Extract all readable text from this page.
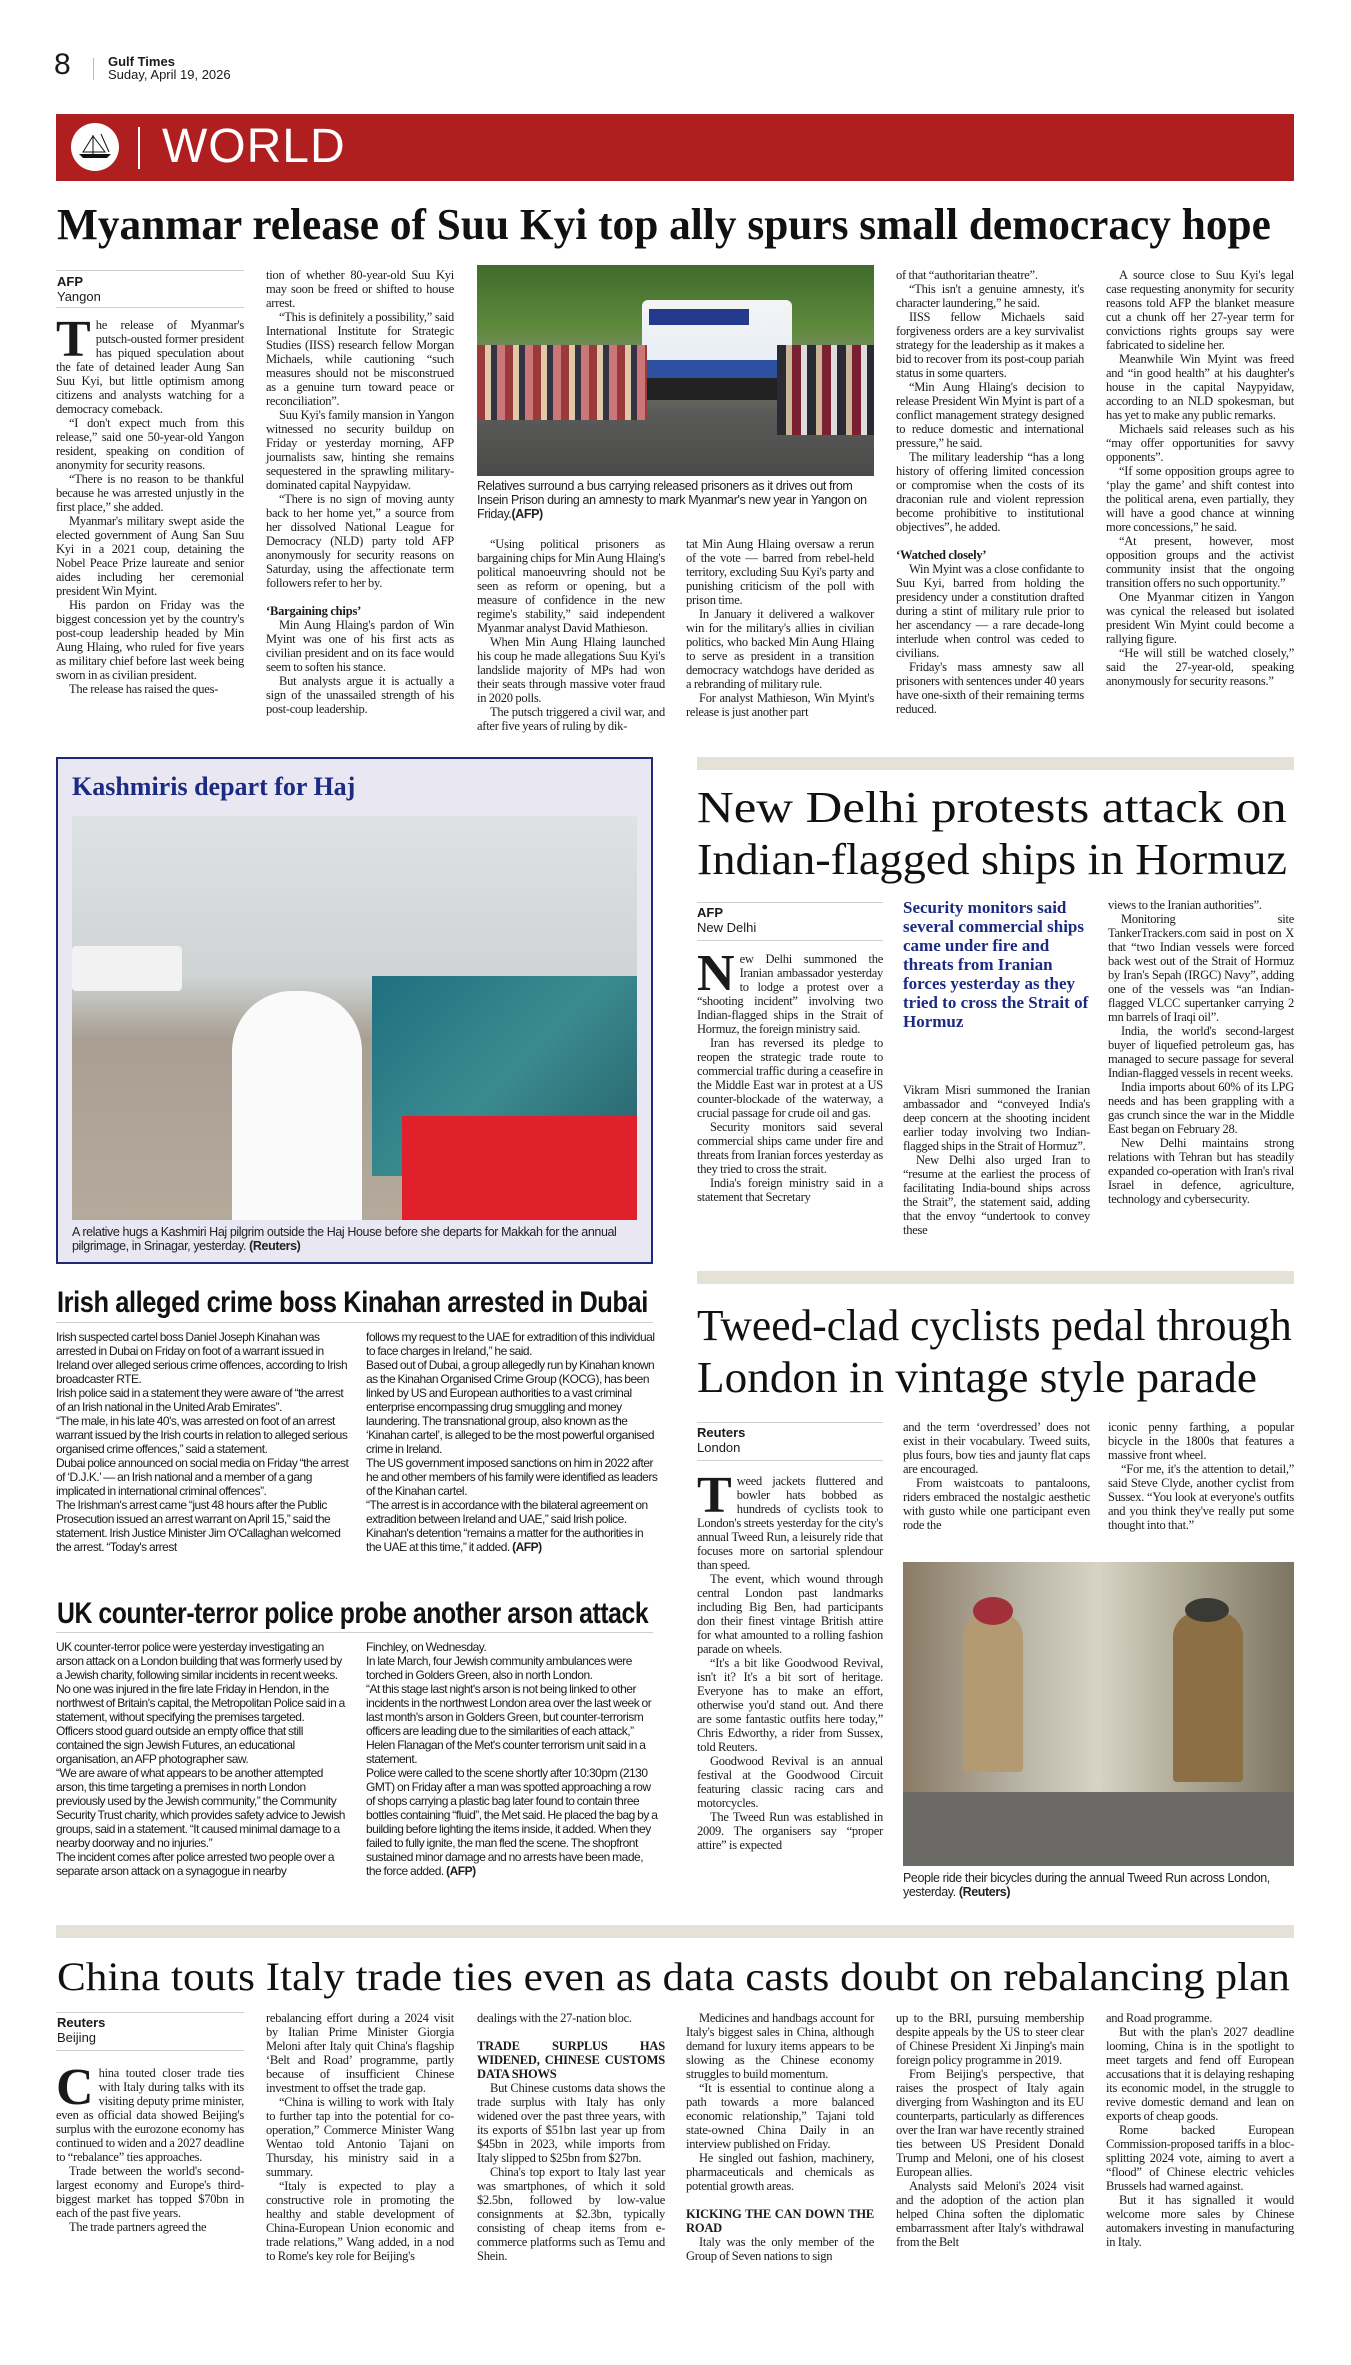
8	Gulf Times
Suday, April 19, 2026
WORLD
Myanmar release of Suu Kyi top ally spurs small democracy hope
AFP
Yangon

The release of Myanmar's putsch-ousted former president has piqued speculation about the fate of detained leader Aung San Suu Kyi, but little optimism among citizens and analysts watching for a democracy comeback.

“I don't expect much from this release,” said one 50-year-old Yangon resident, speaking on condition of anonymity for security reasons.

“There is no reason to be thankful because he was arrested unjustly in the first place,” she added.

Myanmar's military swept aside the elected government of Aung San Suu Kyi in a 2021 coup, detaining the Nobel Peace Prize laureate and senior aides including her ceremonial president Win Myint.

His pardon on Friday was the biggest concession yet by the country's post-coup leadership headed by Min Aung Hlaing, who ruled for five years as military chief before last week being sworn in as civilian president.

The release has raised the ques-

tion of whether 80-year-old Suu Kyi may soon be freed or shifted to house arrest.

“This is definitely a possibility,” said International Institute for Strategic Studies (IISS) research fellow Morgan Michaels, while cautioning “such measures should not be misconstrued as a genuine turn toward peace or reconciliation”.

Suu Kyi's family mansion in Yangon witnessed no security buildup on Friday or yesterday morning, AFP journalists saw, hinting she remains sequestered in the sprawling military-dominated capital Naypyidaw.

“There is no sign of moving aunty back to her home yet,” a source from her dissolved National League for Democracy (NLD) party told AFP anonymously for security reasons on Saturday, using the affectionate term followers refer to her by.

‘Bargaining chips’

Min Aung Hlaing's pardon of Win Myint was one of his first acts as civilian president and on its face would seem to soften his stance.

But analysts argue it is actually a sign of the unassailed strength of his post-coup leadership.

Relatives surround a bus carrying released prisoners as it drives out from Insein Prison during an amnesty to mark Myanmar's new year in Yangon on Friday.(AFP)

“Using political prisoners as bargaining chips for Min Aung Hlaing's political manoeuvring should not be seen as reform or opening, but a measure of confidence in the new regime's stability,” said independent Myanmar analyst David Mathieson.

When Min Aung Hlaing launched his coup he made allegations Suu Kyi's landslide majority of MPs had won their seats through massive voter fraud in 2020 polls.

The putsch triggered a civil war, and after five years of ruling by dik-

tat Min Aung Hlaing oversaw a rerun of the vote — barred from rebel-held territory, excluding Suu Kyi's party and punishing criticism of the poll with prison time.

In January it delivered a walkover win for the military's allies in civilian politics, who backed Min Aung Hlaing to serve as president in a transition democracy watchdogs have derided as a rebranding of military rule.

For analyst Mathieson, Win Myint's release is just another part

of that “authoritarian theatre”.

“This isn't a genuine amnesty, it's character laundering,” he said.

IISS fellow Michaels said forgiveness orders are a key survivalist strategy for the leadership as it makes a bid to recover from its post-coup pariah status in some quarters.

“Min Aung Hlaing's decision to release President Win Myint is part of a conflict management strategy designed to reduce domestic and international pressure,” he said.

The military leadership “has a long history of offering limited concession or compromise when the costs of its draconian rule and violent repression become prohibitive to institutional objectives”, he added.

‘Watched closely’

Win Myint was a close confidante to Suu Kyi, barred from holding the presidency under a constitution drafted during a stint of military rule prior to her ascendancy — a rare decade-long interlude when control was ceded to civilians.

Friday's mass amnesty saw all prisoners with sentences under 40 years have one-sixth of their remaining terms reduced.

A source close to Suu Kyi's legal case requesting anonymity for security reasons told AFP the blanket measure cut a chunk off her 27-year term for convictions rights groups say were fabricated to sideline her.

Meanwhile Win Myint was freed and “in good health” at his daughter's house in the capital Naypyidaw, according to an NLD spokesman, but has yet to make any public remarks.

Michaels said releases such as his “may offer opportunities for savvy opponents”.

“If some opposition groups agree to ‘play the game’ and shift contest into the political arena, even partially, they will have a good chance at winning more concessions,” he said.

“At present, however, most opposition groups and the activist community insist that the ongoing transition offers no such opportunity.”

One Myanmar citizen in Yangon was cynical the released but isolated president Win Myint could become a rallying figure.

“He will still be watched closely,” said the 27-year-old, speaking anonymously for security reasons.”

Kashmiris depart for Haj
A relative hugs a Kashmiri Haj pilgrim outside the Haj House before she departs for Makkah for the annual pilgrimage, in Srinagar, yesterday. (Reuters)
Irish alleged crime boss Kinahan arrested in Dubai

Irish suspected cartel boss Daniel Joseph Kinahan was arrested in Dubai on Friday on foot of a warrant issued in Ireland over alleged serious crime offences, according to Irish broadcaster RTE.

Irish police said in a statement they were aware of “the arrest of an Irish national in the United Arab Emirates”.

“The male, in his late 40's, was arrested on foot of an arrest warrant issued by the Irish courts in relation to alleged serious organised crime offences,” said a statement.

Dubai police announced on social media on Friday “the arrest of ‘D.J.K.’ — an Irish national and a member of a gang implicated in international criminal offences”.

The Irishman's arrest came “just 48 hours after the Public Prosecution issued an arrest warrant on April 15,” said the statement. Irish Justice Minister Jim O'Callaghan welcomed the arrest. “Today's arrest

follows my request to the UAE for extradition of this individual to face charges in Ireland,” he said.

Based out of Dubai, a group allegedly run by Kinahan known as the Kinahan Organised Crime Group (KOCG), has been linked by US and European authorities to a vast criminal enterprise encompassing drug smuggling and money laundering. The transnational group, also known as the ‘Kinahan cartel’, is alleged to be the most powerful organised crime in Ireland.

The US government imposed sanctions on him in 2022 after he and other members of his family were identified as leaders of the Kinahan cartel.

“The arrest is in accordance with the bilateral agreement on extradition between Ireland and UAE,” said Irish police.

Kinahan's detention “remains a matter for the authorities in the UAE at this time,” it added. (AFP)

UK counter-terror police probe another arson attack

UK counter-terror police were yesterday investigating an arson attack on a London building that was formerly used by a Jewish charity, following similar incidents in recent weeks.

No one was injured in the fire late Friday in Hendon, in the northwest of Britain's capital, the Metropolitan Police said in a statement, without specifying the premises targeted.

Officers stood guard outside an empty office that still contained the sign Jewish Futures, an educational organisation, an AFP photographer saw.

“We are aware of what appears to be another attempted arson, this time targeting a premises in north London previously used by the Jewish community,” the Community Security Trust charity, which provides safety advice to Jewish groups, said in a statement. “It caused minimal damage to a nearby doorway and no injuries.”

The incident comes after police arrested two people over a separate arson attack on a synagogue in nearby

Finchley, on Wednesday.

In late March, four Jewish community ambulances were torched in Golders Green, also in north London.

“At this stage last night's arson is not being linked to other incidents in the northwest London area over the last week or last month's arson in Golders Green, but counter-terrorism officers are leading due to the similarities of each attack,” Helen Flanagan of the Met's counter terrorism unit said in a statement.

Police were called to the scene shortly after 10:30pm (2130 GMT) on Friday after a man was spotted approaching a row of shops carrying a plastic bag later found to contain three bottles containing “fluid”, the Met said. He placed the bag by a building before lighting the items inside, it added. When they failed to fully ignite, the man fled the scene. The shopfront sustained minor damage and no arrests have been made, the force added. (AFP)

New Delhi protests attack on
Indian-flagged ships in Hormuz
AFP
New Delhi

New Delhi summoned the Iranian ambassador yesterday to lodge a protest over a “shooting incident” involving two Indian-flagged ships in the Strait of Hormuz, the foreign ministry said.

Iran has reversed its pledge to reopen the strategic trade route to commercial traffic during a ceasefire in the Middle East war in protest at a US counter-blockade of the waterway, a crucial passage for crude oil and gas.

Security monitors said several commercial ships came under fire and threats from Iranian forces yesterday as they tried to cross the strait.

India's foreign ministry said in a statement that Secretary

Security monitors said several commercial ships came under fire and threats from Iranian forces yesterday as they tried to cross the Strait of Hormuz

Vikram Misri summoned the Iranian ambassador and “conveyed India's deep concern at the shooting incident earlier today involving two Indian-flagged ships in the Strait of Hormuz”.

New Delhi also urged Iran to “resume at the earliest the process of facilitating India-bound ships across the Strait”, the statement said, adding that the envoy “undertook to convey these

views to the Iranian authorities”.

Monitoring site TankerTrackers.com said in post on X that “two Indian vessels were forced back west out of the Strait of Hormuz by Iran's Sepah (IRGC) Navy”, adding one of the vessels was “an Indian-flagged VLCC supertanker carrying 2 mn barrels of Iraqi oil”.

India, the world's second-largest buyer of liquefied petroleum gas, has managed to secure passage for several Indian-flagged vessels in recent weeks.

India imports about 60% of its LPG needs and has been grappling with a gas crunch since the war in the Middle East began on February 28.

New Delhi maintains strong relations with Tehran but has steadily expanded co-operation with Iran's rival Israel in defence, agriculture, technology and cybersecurity.

Tweed-clad cyclists pedal through
London in vintage style parade
Reuters
London

Tweed jackets fluttered and bowler hats bobbed as hundreds of cyclists took to London's streets yesterday for the city's annual Tweed Run, a leisurely ride that focuses more on sartorial splendour than speed.

The event, which wound through central London past landmarks including Big Ben, had participants don their finest vintage British attire for what amounted to a rolling fashion parade on wheels.

“It's a bit like Goodwood Revival, isn't it? It's a bit sort of heritage. Everyone has to make an effort, otherwise you'd stand out. And there are some fantastic outfits here today,” Chris Edworthy, a rider from Sussex, told Reuters.

Goodwood Revival is an annual festival at the Goodwood Circuit featuring classic racing cars and motorcycles.

The Tweed Run was established in 2009. The organisers say “proper attire” is expected

and the term ‘overdressed’ does not exist in their vocabulary. Tweed suits, plus fours, bow ties and jaunty flat caps are encouraged.

From waistcoats to pantaloons, riders embraced the nostalgic aesthetic with gusto while one participant even rode the

iconic penny farthing, a popular bicycle in the 1800s that features a massive front wheel.

“For me, it's the attention to detail,” said Steve Clyde, another cyclist from Sussex. “You look at everyone's outfits and you think they've really put some thought into that.”

People ride their bicycles during the annual Tweed Run across London, yesterday. (Reuters)
China touts Italy trade ties even as data casts doubt on rebalancing plan
Reuters
Beijing

China touted closer trade ties with Italy during talks with its visiting deputy prime minister, even as official data showed Beijing's surplus with the eurozone economy has continued to widen and a 2027 deadline to “rebalance” ties approaches.

Trade between the world's second-largest economy and Europe's third-biggest market has topped $70bn in each of the past five years.

The trade partners agreed the

rebalancing effort during a 2024 visit by Italian Prime Minister Giorgia Meloni after Italy quit China's flagship ‘Belt and Road’ programme, partly because of insufficient Chinese investment to offset the trade gap.

“China is willing to work with Italy to further tap into the potential for co-operation,” Commerce Minister Wang Wentao told Antonio Tajani on Thursday, his ministry said in a summary.

“Italy is expected to play a constructive role in promoting the healthy and stable development of China-European Union economic and trade relations,” Wang added, in a nod to Rome's key role for Beijing's

dealings with the 27-nation bloc.

TRADE SURPLUS HAS WIDENED, CHINESE CUSTOMS DATA SHOWS

But Chinese customs data shows the trade surplus with Italy has only widened over the past three years, with its exports of $51bn last year up from $45bn in 2023, while imports from Italy slipped to $25bn from $27bn.

China's top export to Italy last year was smartphones, of which it sold $2.5bn, followed by low-value consignments at $2.3bn, typically consisting of cheap items from e-commerce platforms such as Temu and Shein.

Medicines and handbags account for Italy's biggest sales in China, although demand for luxury items appears to be slowing as the Chinese economy struggles to build momentum.

“It is essential to continue along a path towards a more balanced economic relationship,” Tajani told state-owned China Daily in an interview published on Friday.

He singled out fashion, machinery, pharmaceuticals and chemicals as potential growth areas.

KICKING THE CAN DOWN THE ROAD

Italy was the only member of the Group of Seven nations to sign

up to the BRI, pursuing membership despite appeals by the US to steer clear of Chinese President Xi Jinping's main foreign policy programme in 2019.

From Beijing's perspective, that raises the prospect of Italy again diverging from Washington and its EU counterparts, particularly as differences over the Iran war have recently strained ties between US President Donald Trump and Meloni, one of his closest European allies.

Analysts said Meloni's 2024 visit and the adoption of the action plan helped China soften the diplomatic embarrassment after Italy's withdrawal from the Belt

and Road programme.

But with the plan's 2027 deadline looming, China is in the spotlight to meet targets and fend off European accusations that it is delaying reshaping its economic model, in the struggle to revive domestic demand and lean on exports of cheap goods.

Rome backed European Commission-proposed tariffs in a bloc-splitting 2024 vote, aiming to avert a “flood” of Chinese electric vehicles Brussels had warned against.

But it has signalled it would welcome more sales by Chinese automakers investing in manufacturing in Italy.
